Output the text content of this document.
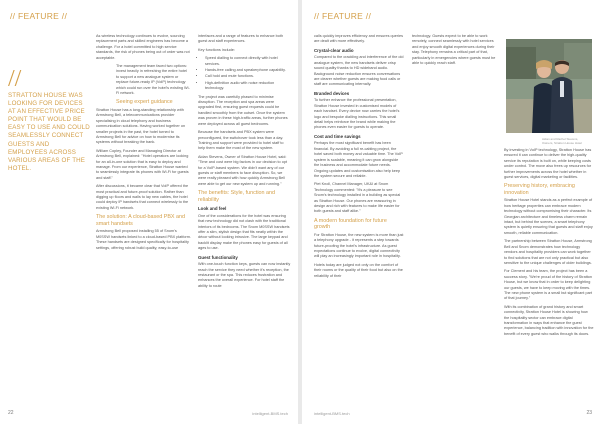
// FEATURE //
//
STRATTON HOUSE WAS LOOKING FOR DEVICES AT AN EFFECTIVE PRICE POINT THAT WOULD BE EASY TO USE AND COULD SEAMLESSLY CONNECT GUESTS AND EMPLOYEES ACROSS VARIOUS AREAS OF THE HOTEL.

As wireless technology continues to evolve, sourcing replacement parts and skilled engineers has become a challenge. For a hotel committed to high service standards, the risk of phones being out of order was not acceptable.

The management team faced two options: invest heavily in refreshing the entire hotel to support a new analogue system or replace future-ready IP (VoIP) technology which could run over the hotel's existing Wi-Fi network.

Seeing expert guidance

Stratton House has a long-standing relationship with Armstrong Bell, a telecommunications provider specialising in cloud telephony and business communication solutions. Having worked together on smaller projects in the past, the hotel turned to Armstrong Bell for advice on how to modernise its systems without breaking the bank.

William Copley, Founder and Managing Director at Armstrong Bell, explained: "Hotel operators are looking for an all-in-one solution that is easy to deploy and manage. From our experience, Stratton House wanted to seamlessly integrate its phones with Wi-Fi for guests and staff."

After discussions, it became clear that VoIP offered the most practical and future-proof solution. Rather than digging up floors and walls to lay new cables, the hotel could deploy IP handsets that connect wirelessly to the existing Wi-Fi network.

The solution: A cloud-based PBX and smart handsets

Armstrong Bell proposed installing 55 of Snom's M0SSW handsets linked to a cloud-based PBX platform. These handsets are designed specifically for hospitality settings, offering robust build quality, easy-to-use

interfaces and a range of features to enhance both guest and staff experiences.

Key functions include:

• Speed dialling to connect directly with hotel services.
• Hands-free calling and speakerphone capability.
• Call hold and mute functions.
• High-definition audio with noise reduction technology.

The project was carefully phased to minimise disruption. The reception and spa areas were upgraded first, ensuring guest requests could be handled smoothly from the outset. Once the system was proven in these high-traffic areas, further phones were deployed across all guest bedrooms.

Because the handsets and PBX system were preconfigured, the switchover took less than a day. Training and support were provided to hotel staff to help them make the most of the new system.

Aidan Stevens, Owner of Stratton House Hotel, said: "Time and cost were big factors in our decision to opt for a VoIP-based system. We didn't want any of our guests or staff members to face disruption. So, we were really pleased with how quickly Armstrong Bell were able to get our new system up and running."

The benefits: Style, function and reliability
Look and feel

One of the considerations for the hotel was ensuring that new technology did not clash with the traditional interiors of its bedrooms. The Snom M0SSW handsets offer a slim, stylish design that fits neatly within the décor without looking intrusive. The large keypad and backlit display make the phones easy for guests of all ages to use.

Guest functionality

With one-touch function keys, guests can now instantly reach the service they need whether it's reception, the restaurant or the spa. This reduces frustration and enhances the overall experience. For hotel staff the ability to route

22	intelligent-BMS.tech
// FEATURE //

calls quickly improves efficiency and ensures queries are dealt with more effectively.

Crystal-clear audio

Compared to the crackling and interference of the old analogue system, the new handsets deliver crisp sound quality thanks to HD wideband audio. Background noise reduction ensures conversations are clearer whether guests are making food calls or staff are communicating internally.

Branded devices

To further enhance the professional presentation, Stratton House invested in customised models of each handset. Every device now carries the hotel's logo and bespoke dialling instructions. This small detail helps reinforce the brand while making the phones even easier for guests to operate.

Cost and time savings

Perhaps the most significant benefit has been financial. By avoiding a full re-cabling project, the hotel saved both money and valuable time. The VoIP system is scalable, meaning it can grow alongside the business and accommodate future needs. Ongoing updates and customisation also help keep the system secure and reliable.

Piet Knoll, Channel Manager, UK&I at Snom Technology commented: "It's a pleasure to see Snom's technology installed in a building as special as Stratton House. Our phones are reassuring in design and rich with features to make life easier for both guests and staff alike."

A modern foundation for future growth

For Stratton House, the new system is more than just a telephony upgrade - it represents a step towards future-proofing the hotel's infrastructure. As guest expectations continue to evolve, digital connectivity will play an increasingly important role in hospitality.

Hotels today are judged not only on the comfort of their rooms or the quality of their food but also on the reliability of their

Aidan and Rachel Stevens, Owners, Stratton House Hotel

technology. Guests expect to be able to work remotely, connect seamlessly with hotel services and enjoy smooth digital experiences during their stay. Telephony remains a critical part of that, particularly in emergencies where guests must be able to quickly reach staff.

By investing in VoIP technology, Stratton House has ensured it can continue to deliver the high-quality service its reputation is built on, while keeping costs under control. The move also frees up resources for further improvements across the hotel whether in guest services, digital marketing or facilities.

Preserving history, embracing innovation

Stratton House Hotel stands as a perfect example of how heritage properties can embrace modern technology without compromising their character. Its Georgian architecture and timeless charm remain intact, but behind the scenes, a smart telephony system is quietly ensuring that guests and staff enjoy smooth, reliable communication.

The partnership between Stratton House, Armstrong Bell and Snom demonstrates how technology vendors and hospitality providers can work together to find solutions that are not only practical but also sensitive to the unique challenges of older buildings.

For Clement and his team, the project has been a success story. "We're proud of the history of Stratton House, but we know that in order to keep delighting our guests, we have to keep moving with the times. The new phone system is a small but significant part of that journey."

With its combination of grand history and smart connectivity, Stratton House Hotel is showing how the hospitality sector can embrace digital transformation in ways that enhance the guest experience, balancing tradition with innovation for the benefit of every guest who walks through its doors.

23
intelligent-BMS.tech
